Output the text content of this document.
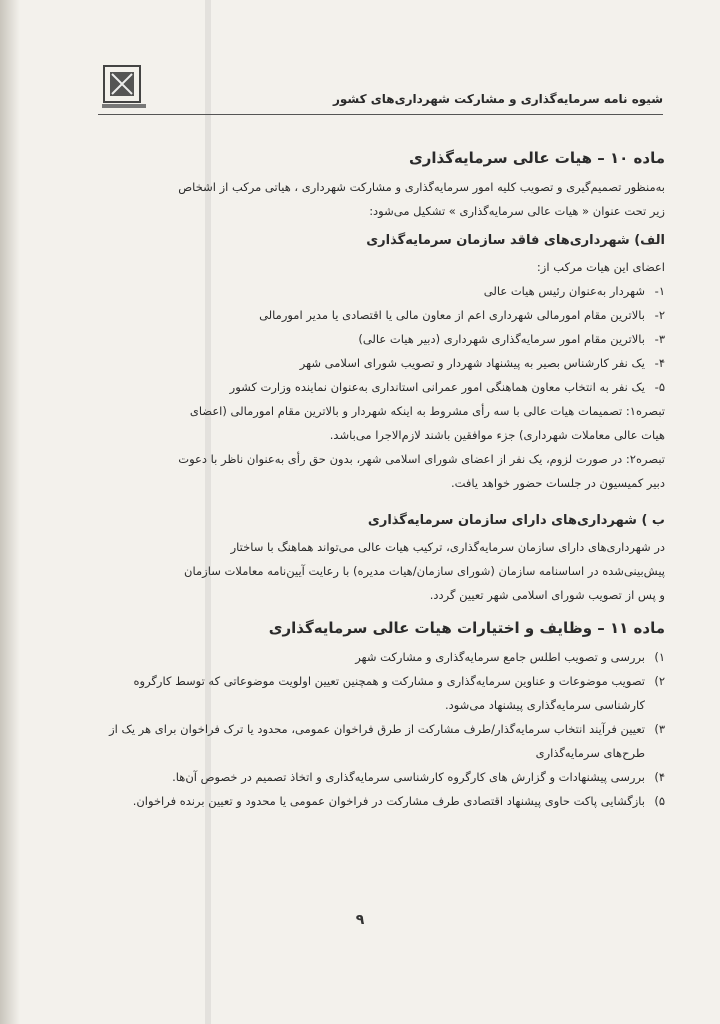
شیوه نامه سرمایه‌گذاری و مشارکت شهرداری‌های کشور
ماده ۱۰ – هیات عالی سرمایه‌گذاری

به‌منظور تصمیم‌گیری و تصویب کلیه امور سرمایه‌گذاری و مشارکت شهرداری ، هیاتی مرکب از اشخاص

زیر تحت عنوان « هیات عالی سرمایه‌گذاری » تشکیل می‌شود:

الف) شهرداری‌های فاقد سازمان سرمایه‌گذاری

اعضای این هیات مرکب از:

۱-
شهردار به‌عنوان رئیس هیات عالی

۲-
بالاترین مقام امورمالی شهرداری اعم از معاون مالی یا اقتصادی یا مدیر امورمالی

۳-
بالاترین مقام امور سرمایه‌گذاری شهرداری (دبیر هیات عالی)

۴-
یک نفر کارشناس بصیر به پیشنهاد شهردار و تصویب شورای اسلامی شهر

۵-
یک نفر به انتخاب معاون هماهنگی امور عمرانی استانداری به‌عنوان نماینده وزارت کشور

تبصره۱: تصمیمات هیات عالی با سه رأی مشروط به اینکه شهردار و بالاترین مقام امورمالی (اعضای

هیات عالی معاملات شهرداری) جزء موافقین باشند لازم‌الاجرا می‌باشد.

تبصره۲: در صورت لزوم، یک نفر از اعضای شورای اسلامی شهر، بدون حق رأی به‌عنوان ناظر با دعوت

دبیر کمیسیون در جلسات حضور خواهد یافت.

ب ) شهرداری‌های دارای سازمان سرمایه‌گذاری

در شهرداری‌های دارای سازمان سرمایه‌گذاری، ترکیب هیات عالی می‌تواند هماهنگ با ساختار

پیش‌بینی‌شده در اساسنامه سازمان (شورای سازمان/هیات مدیره) با رعایت آیین‌نامه معاملات سازمان

و پس از تصویب شورای اسلامی شهر تعیین گردد.

ماده ۱۱ – وظایف و اختیارات هیات عالی سرمایه‌گذاری

۱)
بررسی و تصویب اطلس جامع سرمایه‌گذاری و مشارکت شهر

۲)
تصویب موضوعات و عناوین سرمایه‌گذاری و مشارکت و همچنین تعیین اولویت موضوعاتی که توسط کارگروه کارشناسی سرمایه‌گذاری پیشنهاد می‌شود.

۳)
تعیین فرآیند انتخاب سرمایه‌گذار/طرف مشارکت از طرق فراخوان عمومی، محدود یا ترک فراخوان برای هر یک از طرح‌های سرمایه‌گذاری

۴)
بررسی پیشنهادات و گزارش های کارگروه کارشناسی سرمایه‌گذاری و اتخاذ تصمیم در خصوص آن‌ها.

۵)
بازگشایی پاکت حاوی پیشنهاد اقتصادی طرف مشارکت در فراخوان عمومی یا محدود و تعیین برنده فراخوان.

۹
